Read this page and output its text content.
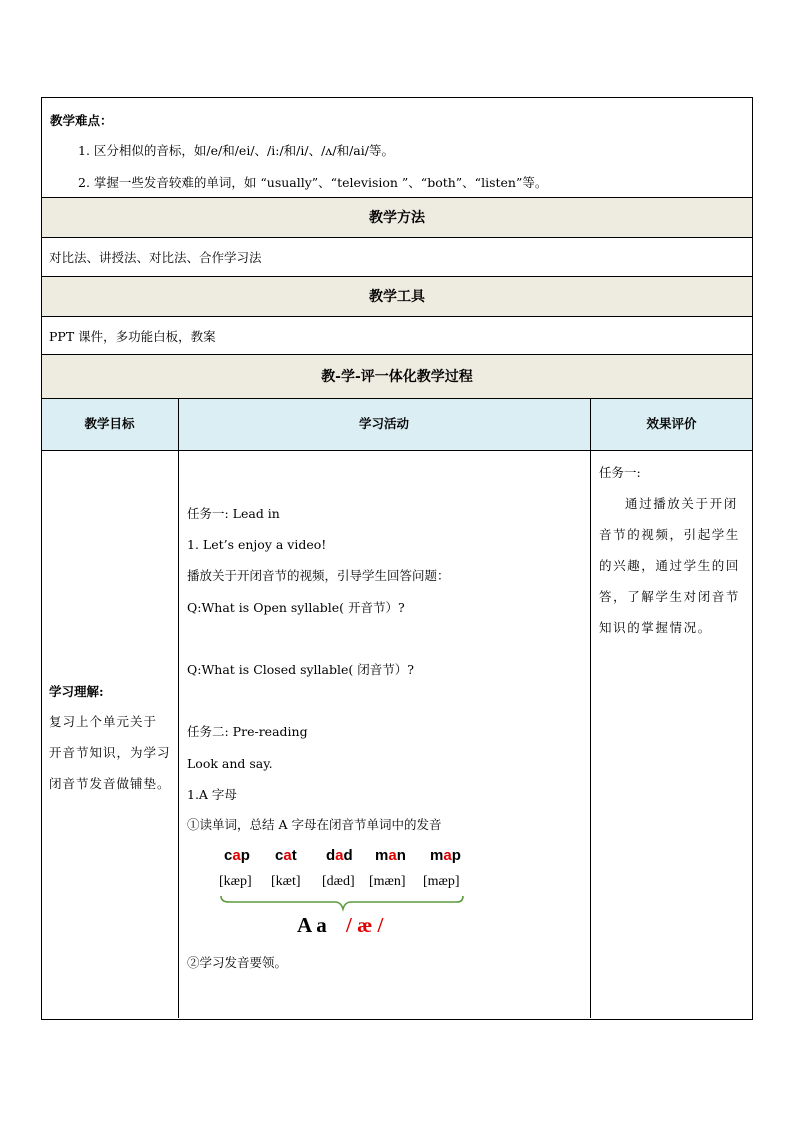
教学难点：
1. 区分相似的音标，如/e/和/ei/、/i:/和/i/、/ʌ/和/ai/等。
2. 掌握一些发音较难的单词，如 “usually”、“television ”、“both”、“listen”等。
教学方法
对比法、讲授法、对比法、合作学习法
教学工具
PPT 课件，多功能白板，教案
教-学-评一体化教学过程
教学目标	学习活动	效果评价
学习理解:
复习上个单元关于
开音节知识，为学习
闭音节发音做铺垫。
任务一: Lead in
1. Let’s enjoy a video!
播放关于开闭音节的视频，引导学生回答问题：
Q:What is Open syllable( 开音节）?
Q:What is Closed syllable( 闭音节）?
任务二: Pre-reading
Look and say.
1.A 字母
①读单词，总结 A 字母在闭音节单词中的发音
cap cat dad man map
[kæp] [kæt] [dæd] [mæn] [mæp]
A a / æ /
②学习发音要领。
任务一:
通过播放关于开闭
音节的视频，引起学生
的兴趣，通过学生的回
答，了解学生对闭音节
知识的掌握情况。
